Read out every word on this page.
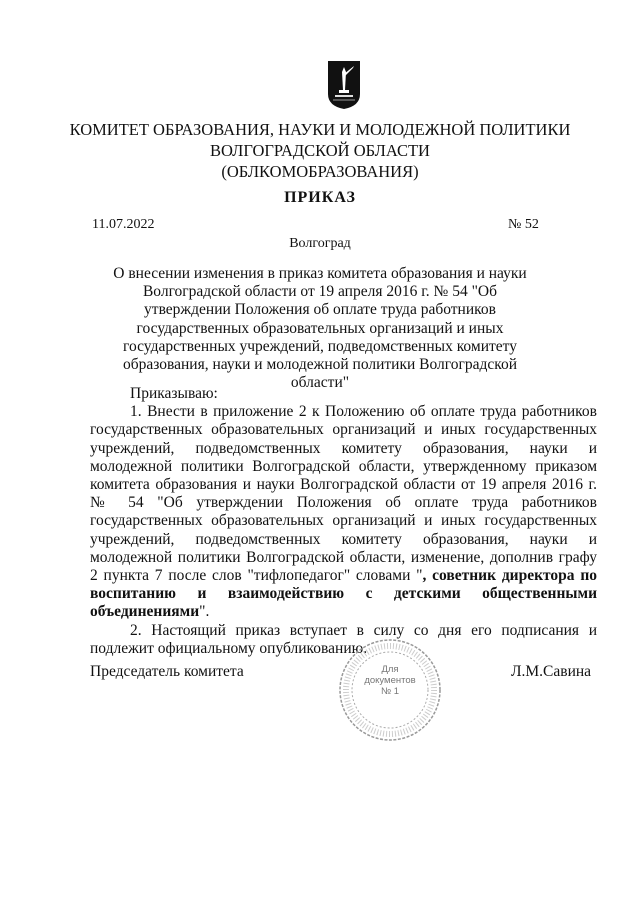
КОМИТЕТ ОБРАЗОВАНИЯ, НАУКИ И МОЛОДЕЖНОЙ ПОЛИТИКИ
ВОЛГОГРАДСКОЙ ОБЛАСТИ
(ОБЛКОМОБРАЗОВАНИЯ)
ПРИКАЗ
11.07.2022	№ 52
Волгоград
О внесении изменения в приказ комитета образования и науки Волгоградской области от 19 апреля 2016 г. № 54 "Об утверждении Положения об оплате труда работников государственных образовательных организаций и иных государственных учреждений, подведомственных комитету образования, науки и молодежной политики Волгоградской области"

Приказываю:

1. Внести в приложение 2 к Положению об оплате труда работников государственных образовательных организаций и иных государственных учреждений, подведомственных комитету образования, науки и молодежной политики Волгоградской области, утвержденному приказом комитета образования и науки Волгоградской области от 19 апреля 2016 г. № 54 "Об утверждении Положения об оплате труда работников государственных образовательных организаций и иных государственных учреждений, подведомственных комитету образования, науки и молодежной политики Волгоградской области, изменение, дополнив графу 2 пункта 7 после слов "тифлопедагог" словами ", советник директора по воспитанию и взаимодействию с детскими общественными объединениями".

2. Настоящий приказ вступает в силу со дня его подписания и подлежит официальному опубликованию.

Председатель комитета	Л.М.Савина
Для
документов
№ 1
